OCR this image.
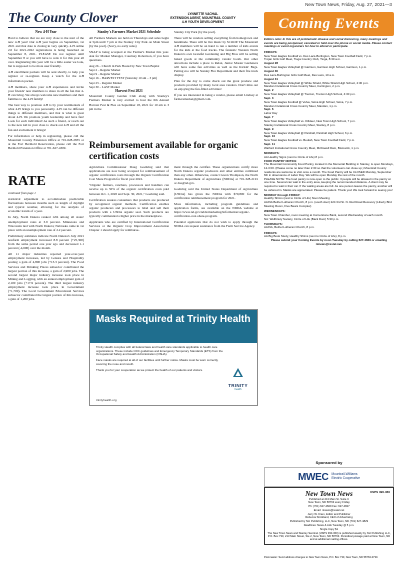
New Town News, Friday, Aug. 27, 2021—3
The County Clover	LYNNETTE VACHAL
EXTENSION AGENT, MOUNTRAIL COUNTY
4-H YOUTH DEVELOPMENT
New 4-H Year

Hard to believe that we are very close to the start of the new 4-H year! Our 4-H year begins on September, 1st 2021 and that date is closing in very quickly. 4-H online 2.0 for 2021-2022 registrations is being launched on September 8, 2021. PLEASE Do not register until September 8 or you will have to redo it for this year all over. Registering this year will be a little easier we look, but is supposed to be more user friendly.

4-H enrollment packets will be sent shortly, to help you register or re-register. Keep a watch for the 4-H information packet.

4-H members, share your 4-H experiences and invite your friends' new members to share in all the fun that 4-H can bring. We always welcome new members and their families to the 4-H family!

The best way to promote 4-H is by your testimonials of what 4-H brings to you personally. 4-H can be different things to different members, and that is what is great about 4-H. We promote youth leadership and have fun! Look for each individual! As such a friend, or reach out to the new kid in your class to check out 4-H and all the fun and excitement it brings!

For information or help in registering, please call the Mountrail County Extension Office at 701-628-2835 or at the Fort Berthold Reservation, please call the Fort Berthold Extension Office at 701-627-4309.

Stanley's Farmers Market 2021 Schedule

All Farmers Markets are held on Thursdays and sales begin at 5pm until 7 pm at the Stanley City Park on Main Street (by the pool). (Sorry, no early sales)

SNAP is being accepted at the Farmer's Market this year. Ask for Market Manager, Courtney Robertson, if you have questions.

Aug 26 – Church in Park Hosted by New Town Baptist
Sept 2 – Regular Market
Sept 9 – Regular Market
Sept 16 – HARVEST FEST (Saturday 10 am – 3 pm)
Sept 23 – Regular Market
Sept 30 – LAST Market
Harvest Fest 2021

Mountrail County Garden Club along with Stanley's Farmers Market is very excited to host the 6th Annual Harvest Fest & Flea on September 18, 2021 for 10 am to 3 pm in the

Stanley City Park (by the pool).

There will be vendors selling everything from homegrown and handmade. There will be live music by SCOOP. The Mountrail 4-H members will be on hand to run a number of kids events for the kids at the food trucks. The fantastic Western North Dakota's own Grateful Gardening and Big Bros will be selling baked goods at the community vendor booth. Our other attractions include a place to Relax, Junior Master Gardeners will have some fun activities as well as the Kickin' Bags. Petting zoo will be Stanley Fire Department and their fire truck display.

Plan for the day to come check out the great produce and products provided by many local area vendors. Don't miss out on enjoying the fun-filled activities!

If you are interested in being a vendor, please email Lindsey at farmersmarket@gmail.com.

Reimbursement available for organic certification costs

Agriculture Commissioner Doug Goehring said that applications are now being accepted for reimbursement of organic certification costs through the Organic Certification Cost Share Program for fiscal year 2022.

"Organic farmers, ranchers, processors and handlers can receive up to 50% of the organic certification costs paid between Oct. 1, 2020 and Sept. 30, 2021," Goehring said.

Certification assures consumers that products are produced by recognized organic methods. Certification enables organic producers and processors to label and sell their products with a USDA organic seal. Such products are typically commanded a higher price in the marketplace.

Applicants who are certified by International Certification Services or the Organic Crop Improvement Association Chapter 1 should apply for reimburse-

ment through the certifier. These organizations certify more North Dakota organic producers and other entities combined than any other. Otherwise, contact Gwen Thompson, the North Dakota Department of Agriculture (NDDA) at 701-328-2191 or dsa@nd.gov.

Goehring said the United States Department of Agriculture (USDA) has given the NDDA with $70,800 for the certification reimbursement program for 2021.

More information, including program guidelines and application forms, are available on the NDDA website at https://www.nd.gov/ndda/marketing/information/organic-certification-cost-share-program.

Potential applicants that do not wish to apply through the NDDA can request assistance from the Farm Service Agency.

RATE
continued from page 1

statistical adjustment to accommodate predictable fluctuations between months such as length of daylight and typical weather, allowing for the analysis of economic trends of a year.

In July, North Dakota ranked 12th among all states' unemployment rates at 3.9 percent. Minnesota and Wisconsin tied with North Dakota; Nebraska came in 1st place with an unemployment rate of 2.2 percent.

Preliminary estimates indicate North Dakota's July 2021 nonfarm employment increased 8.8 percent (+25,300) from the same period one year ago and decreased 1.1 percent (-4,600) over the month.

All 11 major industries reported year-over-year employment increases, led by Leisure and Hospitality posting a gain of 4,800 jobs (+13.3 percent). The Food Services and Drinking Places subsector contributed the largest portion of this increase, a gain of 2,900 jobs. The second largest major industry increase took place in Mining and Logging, with an annual employment gain of 2,100 jobs (+17.9 percent). The third largest industry employment increase took place in Government (+1,700). The Local Government Educational Services subsector contributed the largest portion of this increase, a gain of 1,200 jobs.

Masks Required at Trinity Health

Trinity Health complies with all federal laws and health care standards applicable to health care organizations. These include CDC guidelines and Emergency Temporary Standards (ETS) from the Occupational Safety and Health Administration (OSHA).

Face masks are required at all of our facilities until further notice. Masks must be worn correctly, covering the nose and mouth.

Thank you for your cooperation as we protect the health of our patients and visitors.

TRINITY
health
trinityhealth.org
Coming Events
Editors note: In this era of problematic disease and social distancing, many meetings and events are being postponed, canceled or held over the phone or social media. Please contact meetings or event organizers for how to attend or participate.

FRIDAYS:

New Town Eagles Football vs. Des Lacs-Burlington, New Town Football Field, 7 p.m.

Trojan Girls Golf Meet, Tioga Country Club, Tioga, 8:30 a.m.

August 28

New Town Eagles Volleyball @ Garrison, Garrison High School, Garrison, 1 p.m.

August 30

Des Lacs-Burlington Girls Golf Meet, Des Lacs, 10 a.m.

August 31

New Town Eagles Volleyball @ White Shield, White Shield High School, 4:30 p.m.

Mandan Invitational Cross Country Meet, Carrington, 2 p.m.

Sept. 2

New Town Eagles Volleyball @ Trenton, Trenton High School, 4:30 p.m.

Sept. 3

New Town Eagles Football @ Velva, Velva High School, Velva, 7 p.m.

Mandan Invitational Cross Country Meet, Mandan, 1 p.m.

Sept. 6

Labor Day

Sept. 7

New Town Eagles Volleyball vs. Killdeer, New Town High School, 7 p.m.

Stanley Invitational Cross Country Meet, Stanley, 8 p.m.

Sept. 9

New Town Eagles Volleyball @ Parshall, Parshall High School, 6 p.m.

Sept. 10

New Town Eagles Football vs. Beulah, New Town Football Field, 7 p.m.

Sept. 11

Watford Invitational Cross Country Meet, McDowell Dam, Bismarck, 1 p.m.

MONDAYS:

AA Healthy Signs (next to Circle of Life) 8 p.m.

FOOD PANTRY NOTICE

The Mountrail Community Food Pantry, located in the Memorial Building in Stanley, is open Mondays, 12-3:00. (Please come no later than 2:30 so that the volunteers can close up.) Mountrail County residents are welcome to visit once a month. The Food Pantry will be CLOSED Monday, September 6th in observance of Labor Day. We will be open Monday the rest of the month.

PLEASE NOTE: The food pantry is now open to the public. 3 people will be allowed in the pantry at one time. Several can wait in the entry area, keeping the recommended distance. A client may be required to wait in their car. If the waiting areas are full. As one person leaves the pantry, another will be ushered in. Masks are appreciated. Please be patient. Thank you! We look forward to seeing you!

MONDAY through FRIDAY:

Healthy Shims (next to Circle of Life) Noon Meeting

AA/NA Bethel Lutheran Church, 8 p.m. (south door) 224 3rd St. N. Red Road Recovery (Liberty Bird Meeting Room, Five Bears Complex)

WEDNESDAYS:

New Town Chamber, noon meeting at Cornerstone Bank, second Wednesday of each month.

NA: Wellbriety Society, Circle of Life (Back Door) 5:30 p.m.

THURSDAYS:

AA/NA, Bethel Lutheran Church, 8 p.m.

FRIDAYS:

AA Big Book Study, Healthy Shims (next to Circle of Life), 8 p.m.

Please submit your Coming Events by noon Tuesday by calling 627-4829 or emailing ntnews@restel.net.

Sponsored by
MWEC Mountrail-Williams
Electric Cooperative
USPS 390-360
New Town News

Published at 213 Main St. Suite C

New Town, ND 58763 every Friday

Ph: (701) 627-4829 Fax: 627-4827

Email: ntnews@restel.net

Jerry W. Kram, Editor and Publisher

Rebecca Strickland, CEO of Advertising

Published by NLI Publishing, LLC, New Town, ND (701) 627-4829

Deadlines: News & Ads Tuesday @ 5 p.m.

Single Copy $1

The New Town News and Stanley Sentinel (USPS 390-360) is published weekly by NLI Publishing LLC, P.O. Box 730, 213 Main Street, Ste 2, New Town, ND 58763. Periodical postage paid at New Town, ND and at additional mailing offices.

Postmaster: Send address changes to New Town News, P.O. Box 730, New Town, ND 58763-0730.
